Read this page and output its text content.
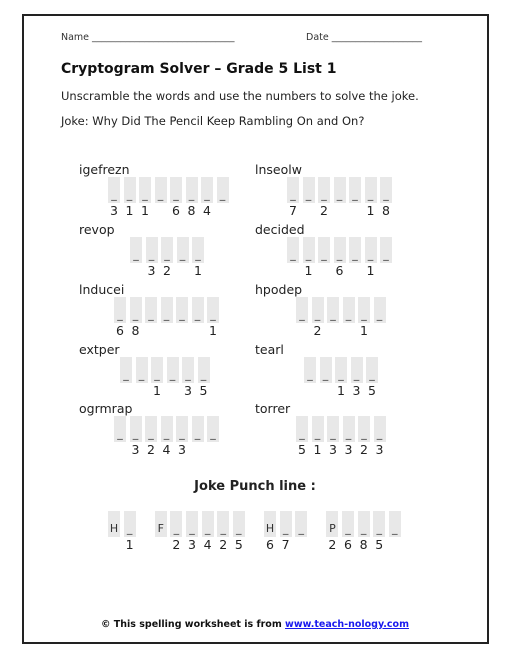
Name ______________________________	Date ___________________
Cryptogram Solver – Grade 5 List 1
Unscramble the words and use the numbers to solve the joke.
Joke: Why Did The Pencil Keep Rambling On and On?
igefrezn
_ _ _ _ _ _ _ _
3 1 1 6 8 4
lnseolw
_ _ _ _ _ _ _
7 2	1 8
revop
_ _ _ _ _
3 2 1
decided
_ _ _ _ _ _ _
1 6 1
lnducei
_ _ _ _ _ _ _
6 8	1
hpodep
_ _ _ _ _ _
2	1
extper
_ _ _ _ _ _
1 3 5
tearl
_ _ _ _ _
1 3 5
ogrmrap
_ _ _ _ _ _ _
3 2 4 3
torrer
_ _ _ _ _ _
5 1 3 3 2 3
Joke Punch line :
H _ F _ _ _ _ _ H _ _ P _ _ _ _
1	2 3 4 2 5 6 7	2 6 8 5
© This spelling worksheet is from www.teach-nology.com
